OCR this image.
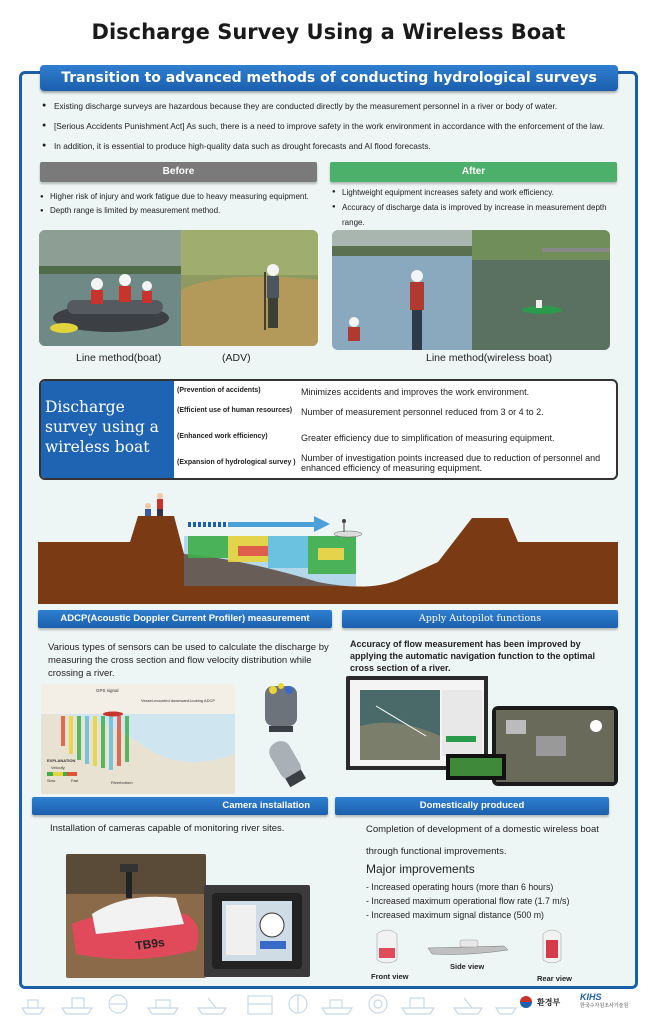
Discharge Survey Using a Wireless Boat
Transition to advanced methods of conducting hydrological surveys
● Existing discharge surveys are hazardous because they are conducted directly by the measurement personnel in a river or body of water.
● [Serious Accidents Punishment Act] As such, there is a need to improve safety in the work environment in accordance with the enforcement of the law.
● In addition, it is essential to produce high-quality data such as drought forecasts and AI flood forecasts.
Before	After
● Higher risk of injury and work fatigue due to heavy measuring equipment.
● Depth range is limited by measurement method.
● Lightweight equipment increases safety and work efficiency.
● Accuracy of discharge data is improved by increase in measurement depth range.
Line method(boat)	(ADV)	Line method(wireless boat)
Discharge survey using a wireless boat
(Prevention of accidents)	Minimizes accidents and improves the work environment.
(Efficient use of human resources) Number of measurement personnel reduced from 3 or 4 to 2.
(Enhanced work efficiency)	Greater efficiency due to simplification of measuring equipment.
(Expansion of hydrological survey ) Number of investigation points increased due to reduction of personnel and enhanced efficiency of measuring equipment.
ADCP(Acoustic Doppler Current Profiler) measurement
Various types of sensors can be used to calculate the discharge by measuring the cross section and flow velocity distribution while crossing a river.
GPS signal
Vessel-mounted downward-looking ADCP
EXPLANATION
Velocity
Slow	Fast	Riverbottom
Apply Autopilot functions
Accuracy of flow measurement has been improved by applying the automatic navigation function to the optimal cross section of a river.
Camera installation
Installation of cameras capable of monitoring river sites.
TB9s
Domestically produced
Completion of development of a domestic wireless boat through functional improvements.
Major improvements
- Increased operating hours (more than 6 hours)
- Increased maximum operational flow rate (1.7 m/s)
- Increased maximum signal distance (500 m)
Front view
Side view
Rear view
환경부 KIHS
한국수자원조사기술원
